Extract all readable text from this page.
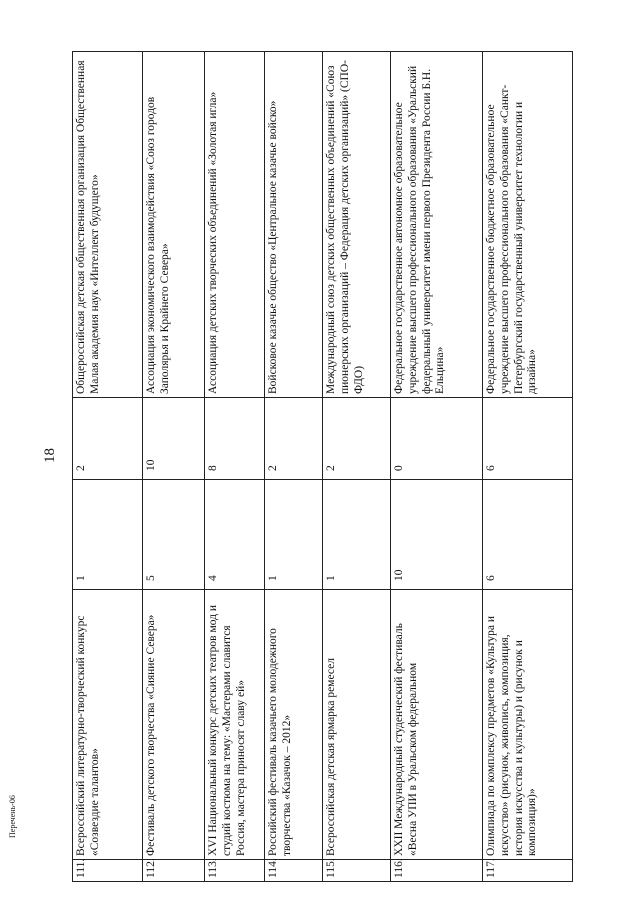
18
111.	Всероссийский литературно-творческий конкурс «Созвездие талантов»	1	2	Общероссийская детская общественная организация Общественная Малая академия наук «Интеллект будущего»
112.	Фестиваль детского творчества «Сияние Севера»	5	10	Ассоциация экономического взаимодействия «Союз городов Заполярья и Крайнего Севера»
113.	XVI Национальный конкурс детских театров мод и студий костюма на тему: «Мастерами славится Россия, мастера приносят славу ей»	4	8	Ассоциация детских творческих объединений «Золотая игла»
114.	Российский фестиваль казачьего молодежного творчества «Казачок – 2012»	1	2	Войсковое казачье общество «Центральное казачье войско»
115.	Всероссийская детская ярмарка ремесел	1	2	Международный союз детских общественных объединений «Союз пионерских организаций – Федерация детских организаций» (СПО-ФДО)
116.	XXII Международный студенческий фестиваль «Весна УПИ в Уральском федеральном	10	0	Федеральное государственное автономное образовательное учреждение высшего профессионального образования «Уральский федеральный университет имени первого Президента России Б.Н. Ельцина»
117.	Олимпиада по комплексу предметов «Культура и искусство» (рисунок, живопись, композиция, история искусства и культуры) и (рисунок и композиция)»	6	6	Федеральное государственное бюджетное образовательное учреждение высшего профессионального образования «Санкт-Петербургский государственный университет технологии и дизайна»
Перечень-06
